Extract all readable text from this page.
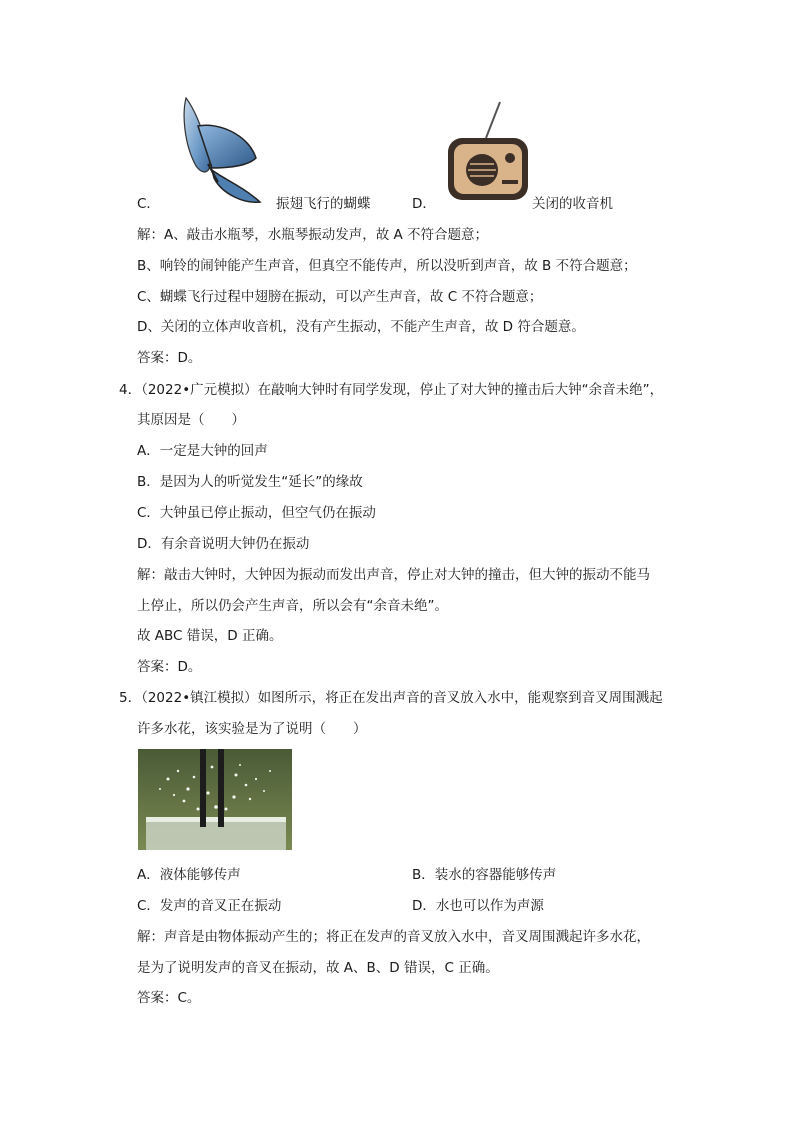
C．	振翅飞行的蝴蝶	D．	关闭的收音机
解：A、敲击水瓶琴，水瓶琴振动发声，故 A 不符合题意；
B、响铃的闹钟能产生声音，但真空不能传声，所以没听到声音，故 B 不符合题意；
C、蝴蝶飞行过程中翅膀在振动，可以产生声音，故 C 不符合题意；
D、关闭的立体声收音机，没有产生振动，不能产生声音，故 D 符合题意。
答案：D。
4．（2022•广元模拟）在敲响大钟时有同学发现，停止了对大钟的撞击后大钟“余音未绝”，
其原因是（　　）
A．一定是大钟的回声
B．是因为人的听觉发生“延长”的缘故
C．大钟虽已停止振动，但空气仍在振动
D．有余音说明大钟仍在振动
解：敲击大钟时，大钟因为振动而发出声音，停止对大钟的撞击，但大钟的振动不能马
上停止，所以仍会产生声音，所以会有“余音未绝”。
故 ABC 错误，D 正确。
答案：D。
5．（2022•镇江模拟）如图所示，将正在发出声音的音叉放入水中，能观察到音叉周围溅起
许多水花，该实验是为了说明（　　）
A．液体能够传声	B．装水的容器能够传声
C．发声的音叉正在振动	D．水也可以作为声源
解：声音是由物体振动产生的；将正在发声的音叉放入水中，音叉周围溅起许多水花，
是为了说明发声的音叉在振动，故 A、B、D 错误，C 正确。
答案：C。
